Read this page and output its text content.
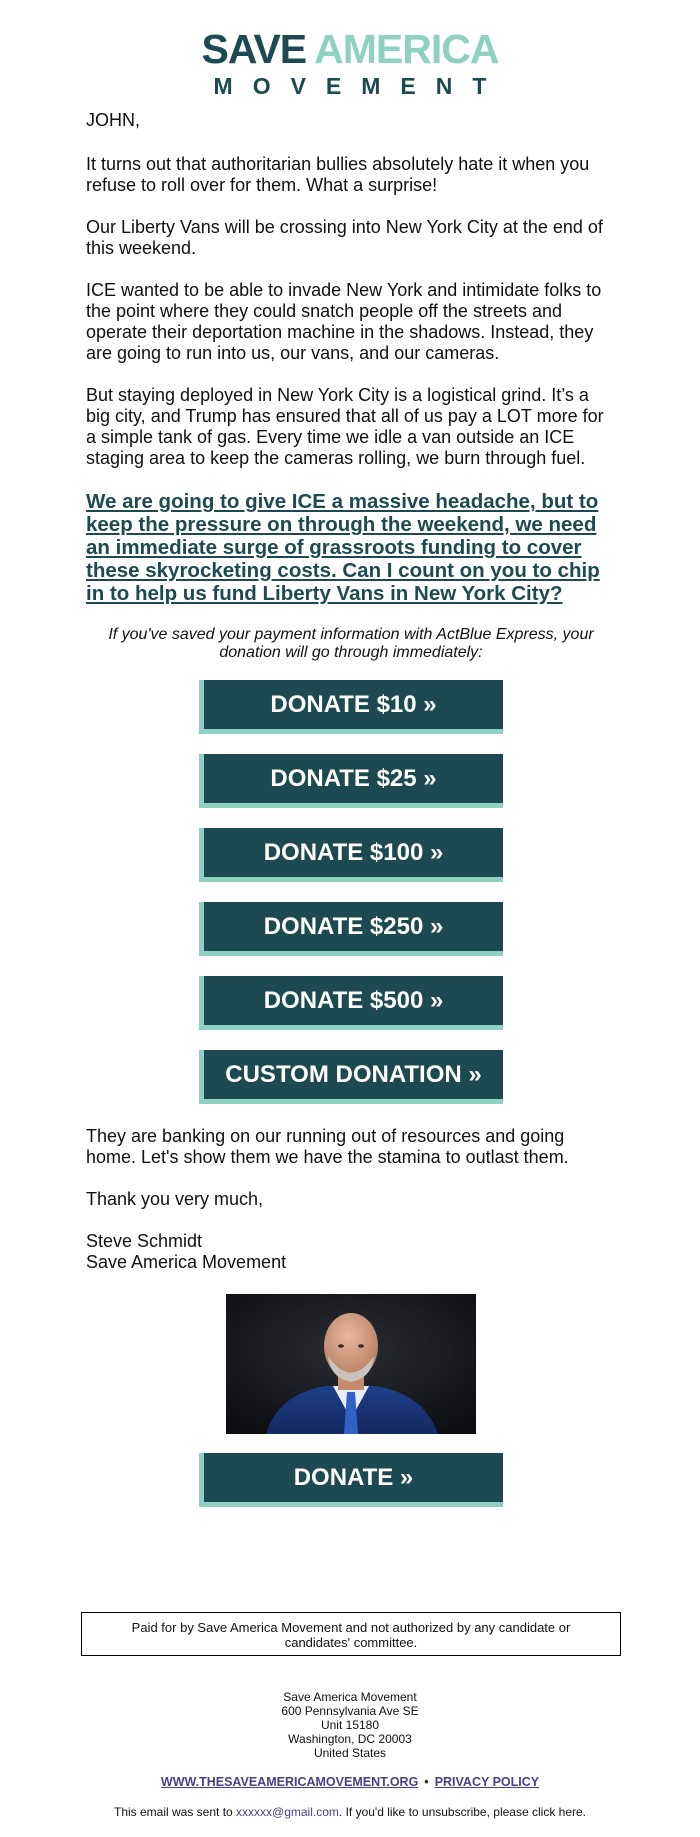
SAVE AMERICA
MOVEMENT

JOHN,

It turns out that authoritarian bullies absolutely hate it when you refuse to roll over for them. What a surprise!

Our Liberty Vans will be crossing into New York City at the end of this weekend.

ICE wanted to be able to invade New York and intimidate folks to the point where they could snatch people off the streets and operate their deportation machine in the shadows. Instead, they are going to run into us, our vans, and our cameras.

But staying deployed in New York City is a logistical grind. It’s a big city, and Trump has ensured that all of us pay a LOT more for a simple tank of gas. Every time we idle a van outside an ICE staging area to keep the cameras rolling, we burn through fuel.

We are going to give ICE a massive headache, but to keep the pressure on through the weekend, we need an immediate surge of grassroots funding to cover these skyrocketing costs. Can I count on you to chip in to help us fund Liberty Vans in New York City?

If you've saved your payment information with ActBlue Express, your donation will go through immediately:

DONATE $10 »
DONATE $25 »
DONATE $100 »
DONATE $250 »
DONATE $500 »
CUSTOM DONATION »

They are banking on our running out of resources and going home. Let's show them we have the stamina to outlast them.

Thank you very much,

Steve Schmidt
Save America Movement

DONATE »
Paid for by Save America Movement and not authorized by any candidate or candidates' committee.
Save America Movement
600 Pennsylvania Ave SE
Unit 15180
Washington, DC 20003
United States
WWW.THESAVEAMERICAMOVEMENT.ORG • PRIVACY POLICY
This email was sent to xxxxxx@gmail.com. If you'd like to unsubscribe, please click here.
